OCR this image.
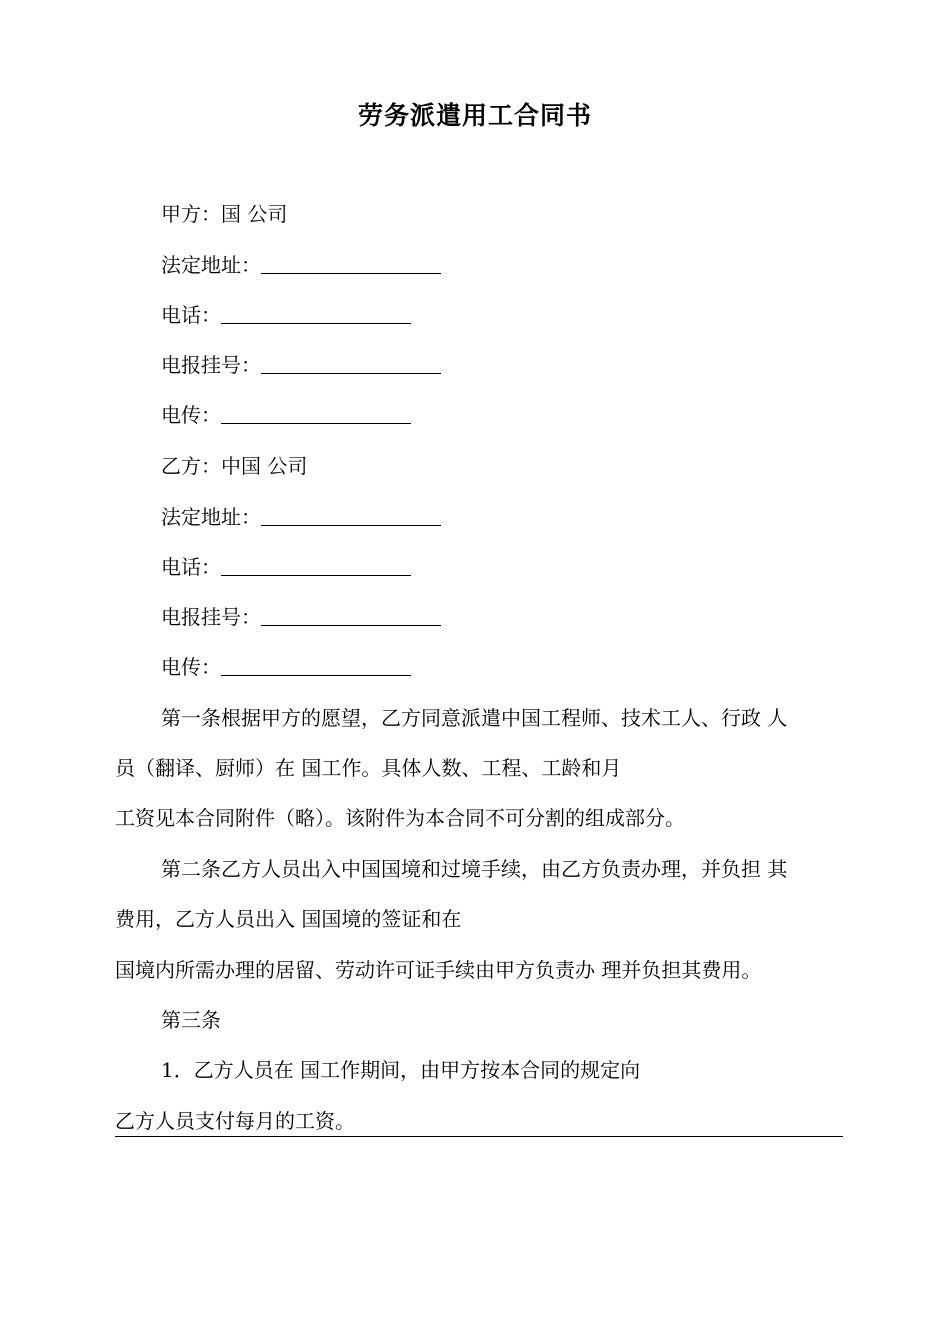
劳务派遣用工合同书
甲方：国 公司
法定地址：
电话：
电报挂号：
电传：
乙方：中国 公司
法定地址：
电话：
电报挂号：
电传：
第一条根据甲方的愿望，乙方同意派遣中国工程师、技术工人、行政 人
员（翻译、厨师）在 国工作。具体人数、工程、工龄和月
工资见本合同附件（略）。该附件为本合同不可分割的组成部分。
第二条乙方人员出入中国国境和过境手续，由乙方负责办理，并负担 其
费用，乙方人员出入 国国境的签证和在
国境内所需办理的居留、劳动许可证手续由甲方负责办 理并负担其费用。
第三条
1．乙方人员在 国工作期间，由甲方按本合同的规定向
乙方人员支付每月的工资。
